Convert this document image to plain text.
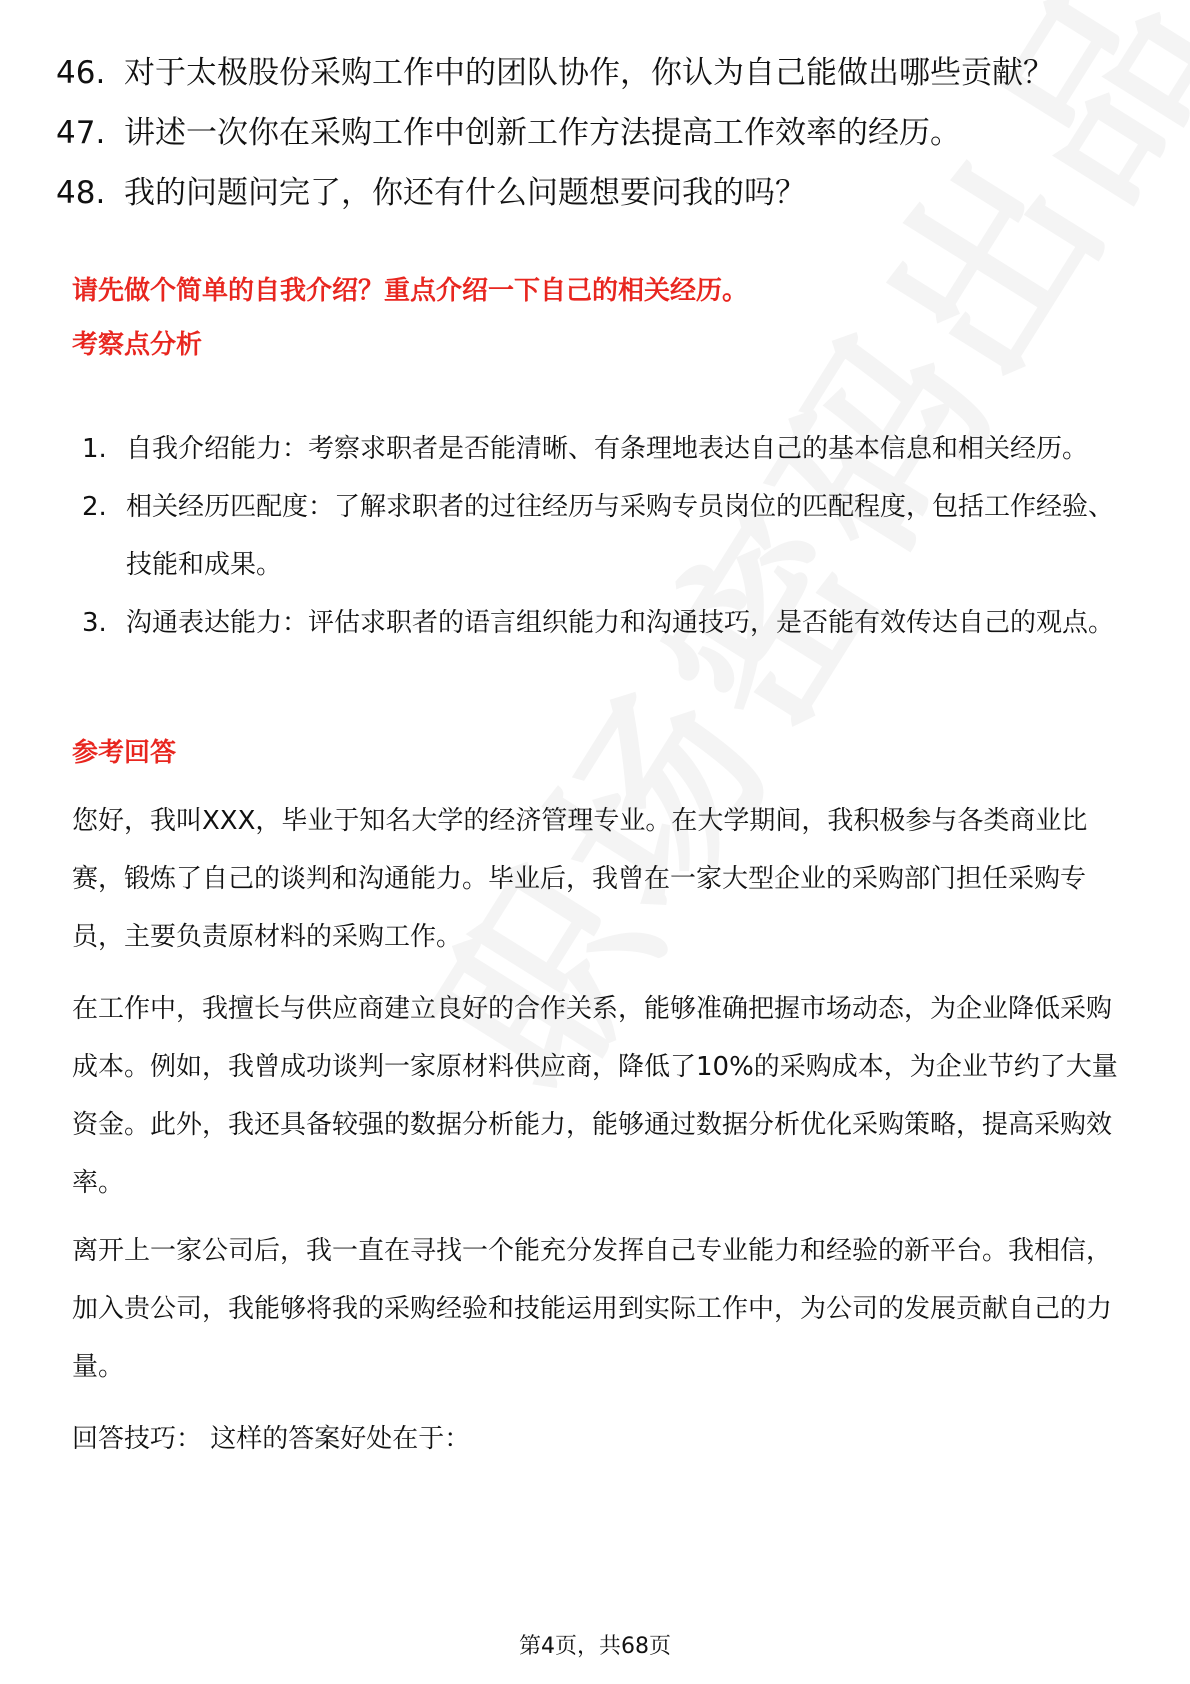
46. 对于太极股份采购工作中的团队协作，你认为自己能做出哪些贡献？
47. 讲述一次你在采购工作中创新工作方法提高工作效率的经历。
48. 我的问题问完了，你还有什么问题想要问我的吗？
请先做个简单的自我介绍？重点介绍一下自己的相关经历。
考察点分析
1. 自我介绍能力：考察求职者是否能清晰、有条理地表达自己的基本信息和相关经历。
2. 相关经历匹配度：了解求职者的过往经历与采购专员岗位的匹配程度，包括工作经验、技能和成果。
3. 沟通表达能力：评估求职者的语言组织能力和沟通技巧，是否能有效传达自己的观点。
参考回答
您好，我叫XXX，毕业于知名大学的经济管理专业。在大学期间，我积极参与各类商业比赛，锻炼了自己的谈判和沟通能力。毕业后，我曾在一家大型企业的采购部门担任采购专员，主要负责原材料的采购工作。
在工作中，我擅长与供应商建立良好的合作关系，能够准确把握市场动态，为企业降低采购成本。例如，我曾成功谈判一家原材料供应商，降低了10%的采购成本，为企业节约了大量资金。此外，我还具备较强的数据分析能力，能够通过数据分析优化采购策略，提高采购效率。
离开上一家公司后，我一直在寻找一个能充分发挥自己专业能力和经验的新平台。我相信，加入贵公司，我能够将我的采购经验和技能运用到实际工作中，为公司的发展贡献自己的力量。
回答技巧： 这样的答案好处在于：
第4页，共68页
